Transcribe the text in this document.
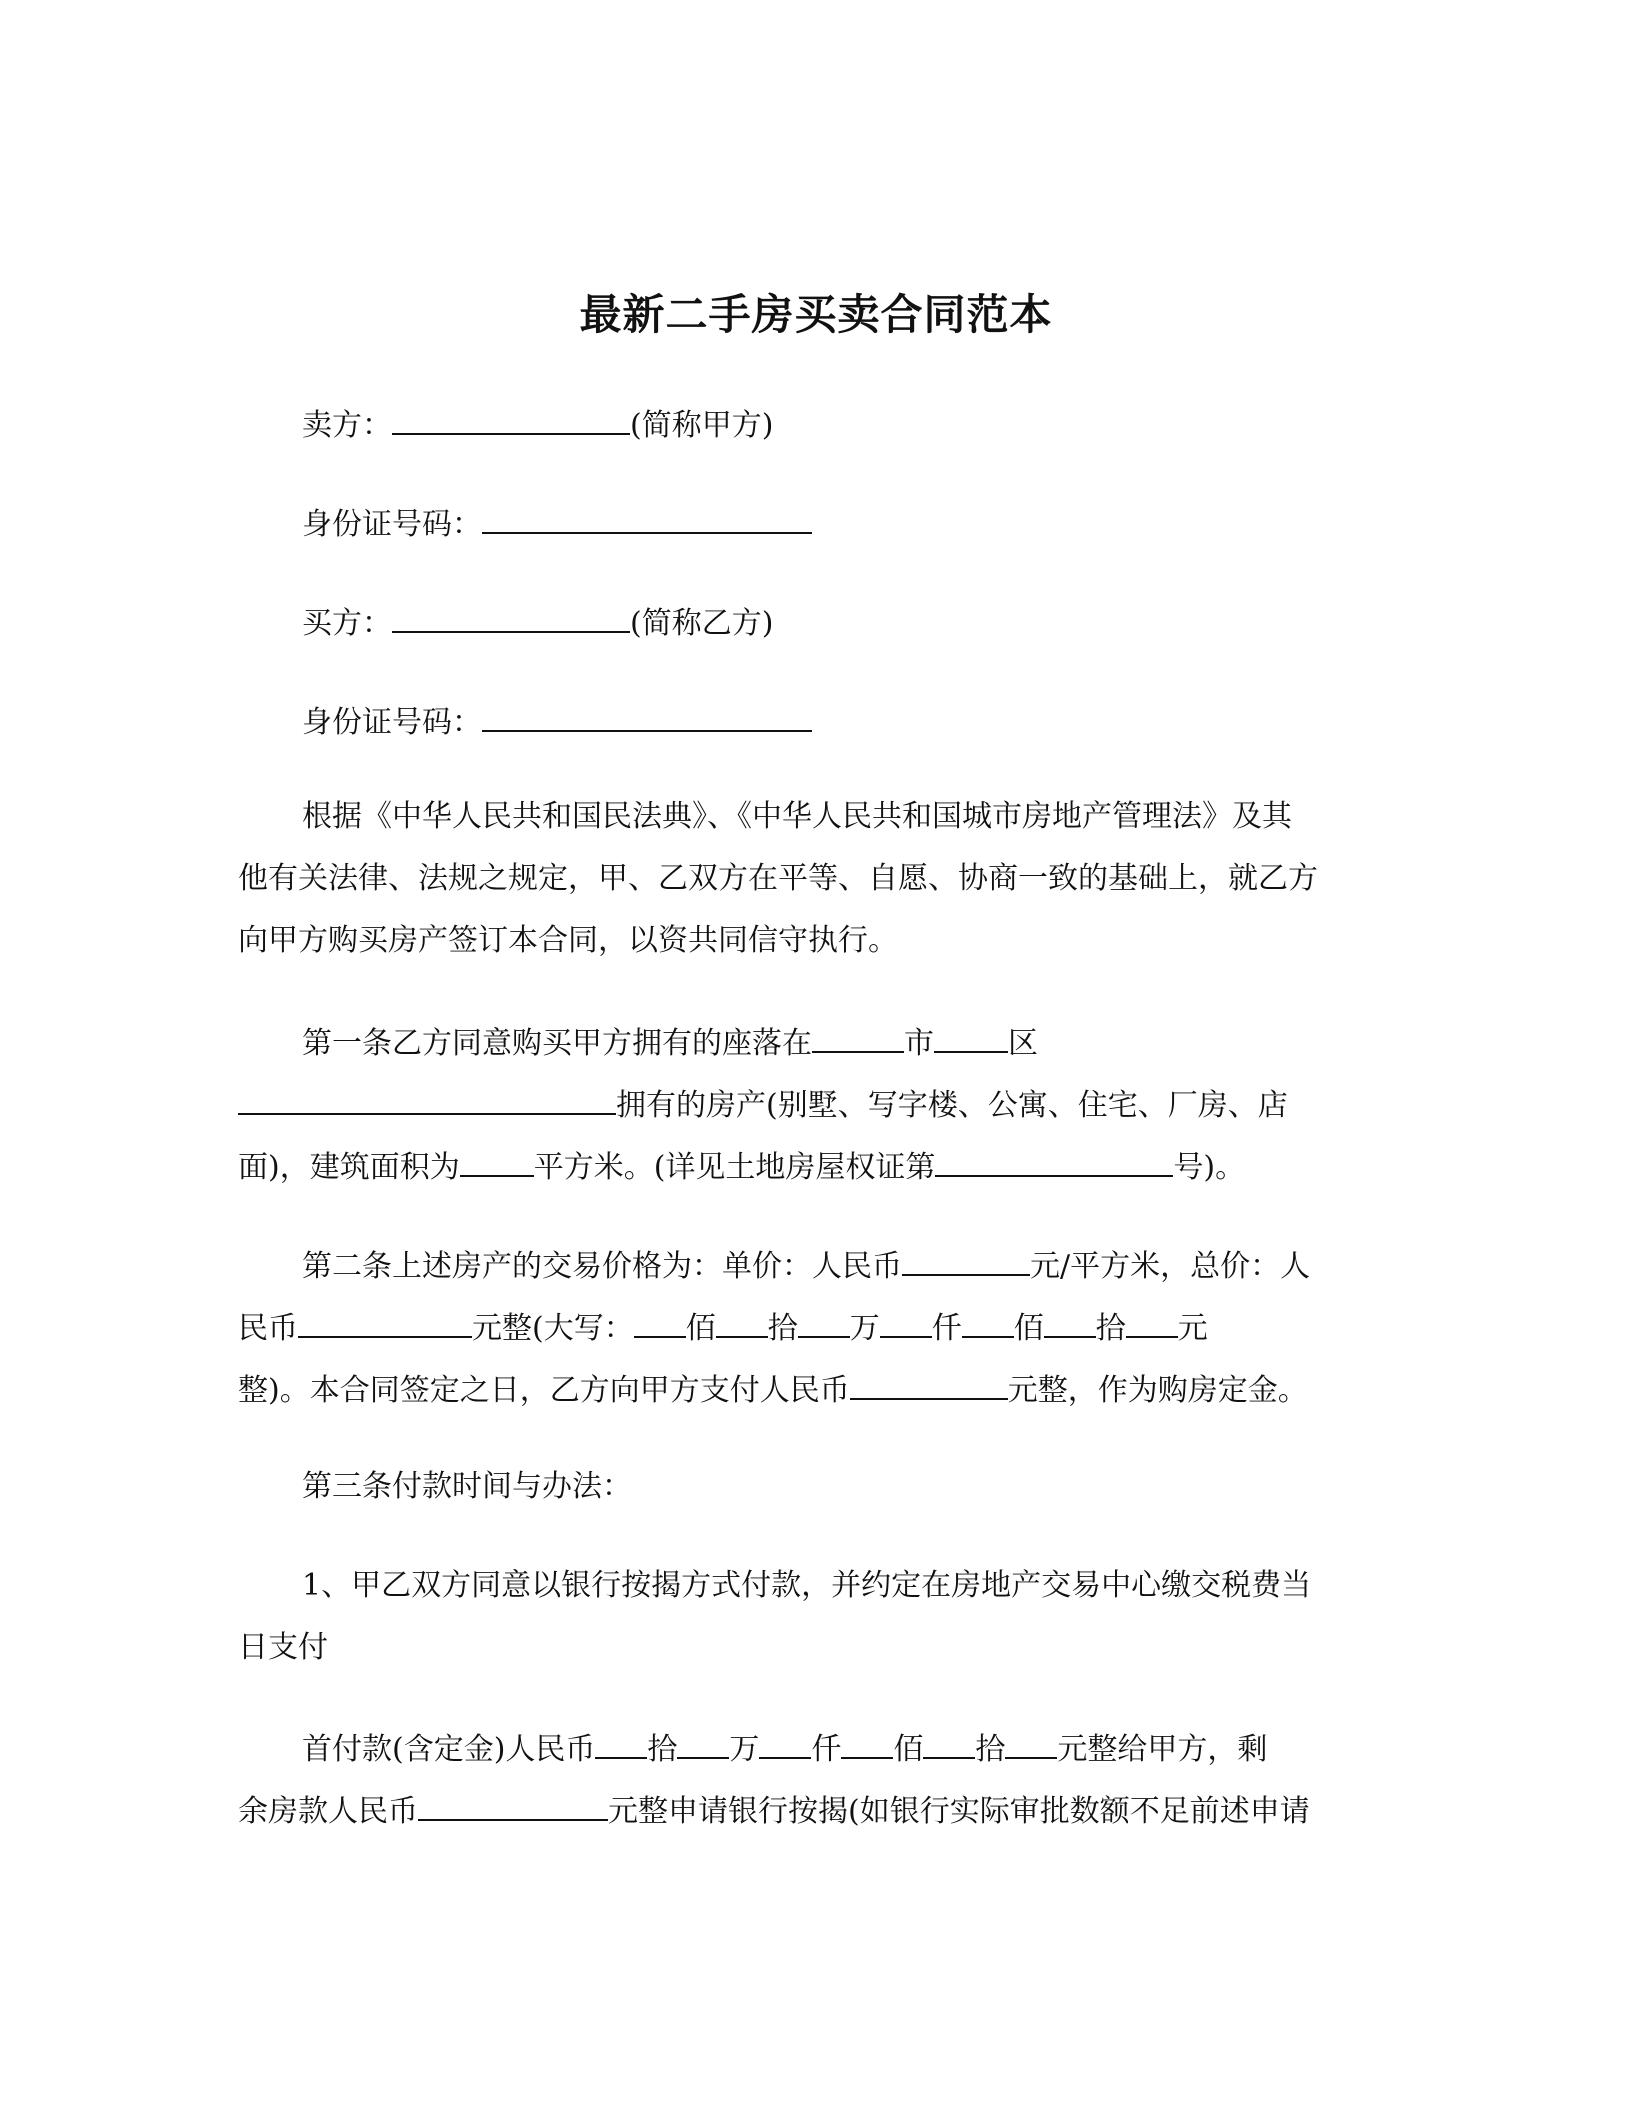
最新二手房买卖合同范本
卖方：	(简称甲方)
身份证号码：
买方：	(简称乙方)
身份证号码：
根据《中华人民共和国民法典》、《中华人民共和国城市房地产管理法》及其
他有关法律、法规之规定，甲、乙双方在平等、自愿、协商一致的基础上，就乙方
向甲方购买房产签订本合同，以资共同信守执行。
第一条乙方同意购买甲方拥有的座落在	市 区
拥有的房产(别墅、写字楼、公寓、住宅、厂房、店
面)，建筑面积为 平方米。(详见土地房屋权证第	号)。
第二条上述房产的交易价格为：单价：人民币	元/平方米，总价：人
民币	元整(大写： 佰 拾 万 仟 佰 拾 元
整)。本合同签定之日，乙方向甲方支付人民币	元整，作为购房定金。
第三条付款时间与办法：
1、甲乙双方同意以银行按揭方式付款，并约定在房地产交易中心缴交税费当
日支付
首付款(含定金)人民币 拾 万 仟 佰 拾 元整给甲方，剩
余房款人民币	元整申请银行按揭(如银行实际审批数额不足前述申请
